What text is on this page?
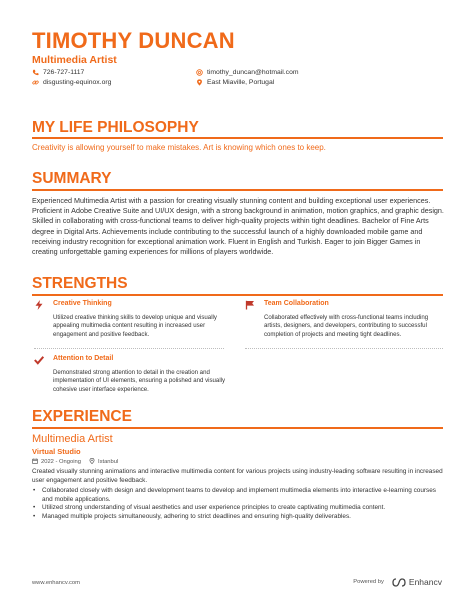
TIMOTHY DUNCAN
Multimedia Artist
726-727-1117	timothy_duncan@hotmail.com
disgusting-equinox.org	East Miaville, Portugal
MY LIFE PHILOSOPHY
Creativity is allowing yourself to make mistakes. Art is knowing which ones to keep.
SUMMARY
Experienced Multimedia Artist with a passion for creating visually stunning content and building exceptional user experiences. Proficient in Adobe Creative Suite and UI/UX design, with a strong background in animation, motion graphics, and graphic design. Skilled in collaborating with cross-functional teams to deliver high-quality projects within tight deadlines. Bachelor of Fine Arts degree in Digital Arts. Achievements include contributing to the successful launch of a highly downloaded mobile game and receiving industry recognition for exceptional animation work. Fluent in English and Turkish. Eager to join Bigger Games in creating unforgettable gaming experiences for millions of players worldwide.
STRENGTHS
Creative Thinking
Utilized creative thinking skills to develop unique and visually appealing multimedia content resulting in increased user engagement and positive feedback.
Team Collaboration
Collaborated effectively with cross-functional teams including artists, designers, and developers, contributing to successful completion of projects and meeting tight deadlines.
Attention to Detail
Demonstrated strong attention to detail in the creation and implementation of UI elements, ensuring a polished and visually cohesive user interface experience.
EXPERIENCE
Multimedia Artist
Virtual Studio
2022 - Ongoing	Istanbul
Created visually stunning animations and interactive multimedia content for various projects using industry-leading software resulting in increased user engagement and positive feedback.
• Collaborated closely with design and development teams to develop and implement multimedia elements into interactive e-learning courses and mobile applications.
• Utilized strong understanding of visual aesthetics and user experience principles to create captivating multimedia content.
• Managed multiple projects simultaneously, adhering to strict deadlines and ensuring high-quality deliverables.
www.enhancv.com	Powered by	Enhancv
